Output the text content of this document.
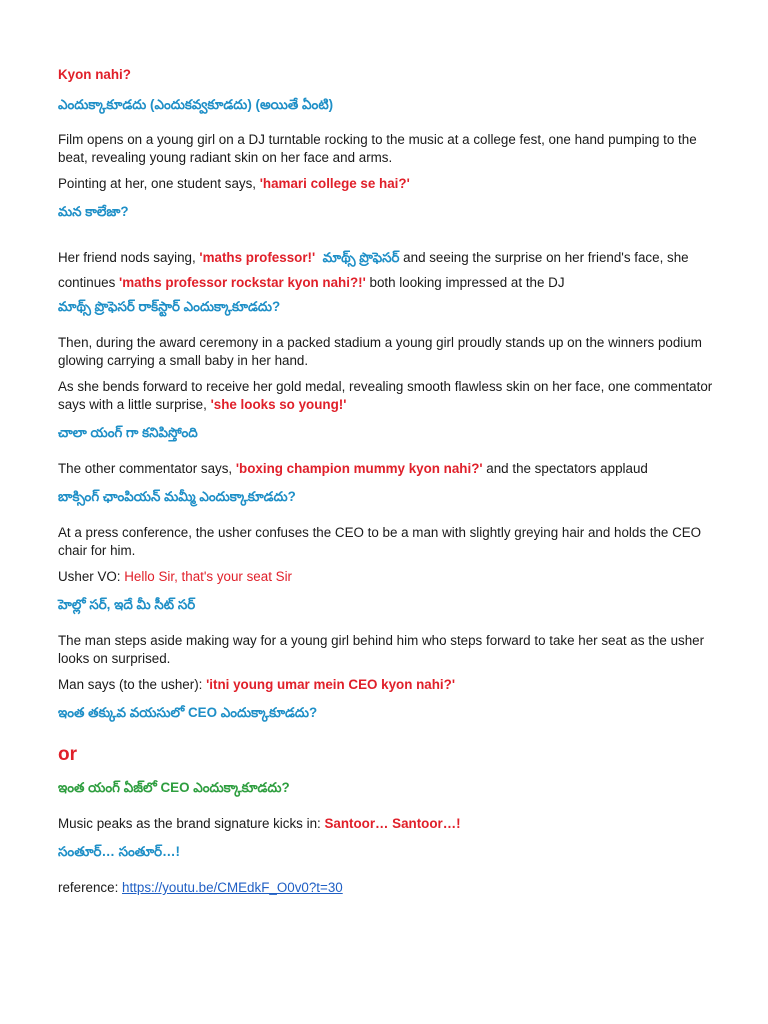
Kyon nahi?
ఎందుక్కాకూడదు (ఎందుకవ్వకూడదు) (అయితే ఏంటి)
Film opens on a young girl on a DJ turntable rocking to the music at a college fest, one hand pumping to the beat, revealing young radiant skin on her face and arms.
Pointing at her, one student says, 'hamari college se hai?'
మన కాలేజా?
Her friend nods saying, 'maths professor!' మాథ్స్ ప్రొఫెసర్ and seeing the surprise on her friend's face, she continues 'maths professor rockstar kyon nahi?!' both looking impressed at the DJ
మాథ్స్ ప్రొఫెసర్ రాక్‌స్టార్ ఎందుక్కాకూడదు?
Then, during the award ceremony in a packed stadium a young girl proudly stands up on the winners podium glowing carrying a small baby in her hand.
As she bends forward to receive her gold medal, revealing smooth flawless skin on her face, one commentator says with a little surprise, 'she looks so young!'
చాలా యంగ్ గా కనిపిస్తోంది
The other commentator says, 'boxing champion mummy kyon nahi?' and the spectators applaud
బాక్సింగ్ ఛాంపియన్ మమ్మీ ఎందుక్కాకూడదు?
At a press conference, the usher confuses the CEO to be a man with slightly greying hair and holds the CEO chair for him.
Usher VO: Hello Sir, that's your seat Sir
హెల్లో సర్, ఇదే మీ సీట్ సర్
The man steps aside making way for a young girl behind him who steps forward to take her seat as the usher looks on surprised.
Man says (to the usher): 'itni young umar mein CEO kyon nahi?'
ఇంత తక్కువ వయసులో CEO ఎందుక్కాకూడదు?
or
ఇంత యంగ్ ఏజ్‌లో CEO ఎందుక్కాకూడదు?
Music peaks as the brand signature kicks in: Santoor… Santoor…!
సంతూర్… సంతూర్…!
reference: https://youtu.be/CMEdkF_O0v0?t=30
